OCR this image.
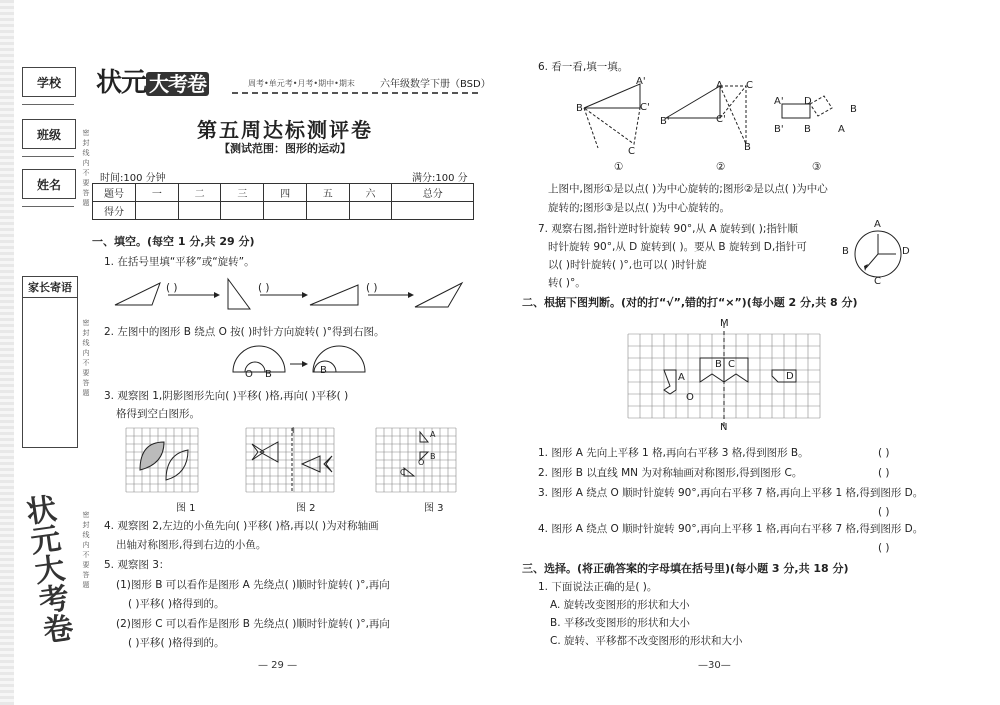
学校
班级
姓名
家长寄语
密封线内不要答题
密封线内不要答题
密封线内不要答题
状元大考卷
状元 大考卷	周考•单元考•月考•期中•期末	六年级数学下册（BSD）
第五周达标测评卷
【测试范围：图形的运动】
时间:100 分钟	满分:100 分
题号	一	二	三	四	五	六	总分
得分							
一、填空。(每空 1 分,共 29 分)
1. 在括号里填“平移”或“旋转”。
( )	( )	( )
2. 左图中的图形 B 绕点 O 按( )时针方向旋转( )°得到右图。
O B	B
3. 观察图 1,阴影图形先向( )平移( )格,再向( )平移( )
格得到空白图形。
l	A
B
O
C
图 1	图 2	图 3
4. 观察图 2,左边的小鱼先向( )平移( )格,再以( )为对称轴画
出轴对称图形,得到右边的小鱼。
5. 观察图 3：
(1)图形 B 可以看作是图形 A 先绕点( )顺时针旋转( )°,再向
( )平移( )格得到的。
(2)图形 C 可以看作是图形 B 先绕点( )顺时针旋转( )°,再向
( )平移( )格得到的。
— 29 —
6. 看一看,填一填。
A'
B	C'
C
A
B'	C'
C
B
A' D
B' B
B
A
①	②	③
上图中,图形①是以点( )为中心旋转的;图形②是以点( )为中心
旋转的;图形③是以点( )为中心旋转的。
7. 观察右图,指针逆时针旋转 90°,从 A 旋转到( );指针顺
时针旋转 90°,从 D 旋转到( )。要从 B 旋转到 D,指针可
以( )时针旋转( )°,也可以( )时针旋
转( )°。
A
B
C
D
二、根据下图判断。(对的打“√”,错的打“×”)(每小题 2 分,共 8 分)
M
N
A
O
B C
D
1. 图形 A 先向上平移 1 格,再向右平移 3 格,得到图形 B。	( )
2. 图形 B 以直线 MN 为对称轴画对称图形,得到图形 C。	( )
3. 图形 A 绕点 O 顺时针旋转 90°,再向右平移 7 格,再向上平移 1 格,得到图形 D。
( )
4. 图形 A 绕点 O 顺时针旋转 90°,再向上平移 1 格,再向右平移 7 格,得到图形 D。
( )
三、选择。(将正确答案的字母填在括号里)(每小题 3 分,共 18 分)
1. 下面说法正确的是( )。
A. 旋转改变图形的形状和大小
B. 平移改变图形的形状和大小
C. 旋转、平移都不改变图形的形状和大小
—30—
